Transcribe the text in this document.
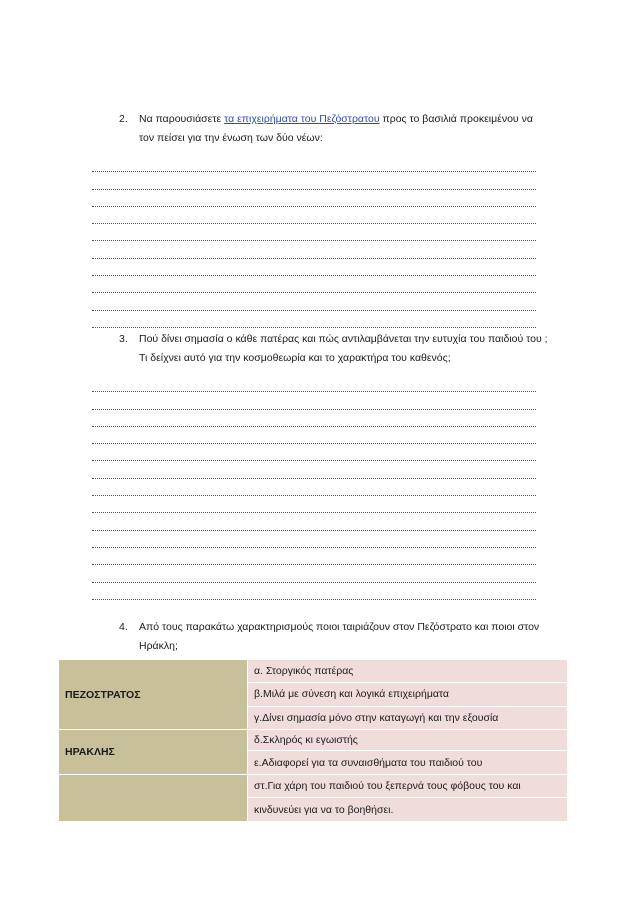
2. Να παρουσιάσετε τα επιχειρήματα του Πεζόστρατου προς το βασιλιά προκειμένου να τον πείσει για την ένωση των δύο νέων:
3. Πού δίνει σημασία ο κάθε πατέρας και πώς αντιλαμβάνεται την ευτυχία του παιδιού του ; Τι δείχνει αυτό για την κοσμοθεωρία και το χαρακτήρα του καθενός;
4. Από τους παρακάτω χαρακτηρισμούς ποιοι ταιριάζουν στον Πεζόστρατο και ποιοι στον Ηράκλη;
ΠΕΖΟΣΤΡΑΤΟΣ	α. Στοργικός πατέρας
	β.Μιλά με σύνεση και λογικά επιχειρήματα
	γ.Δίνει σημασία μόνο στην καταγωγή και την εξουσία
ΗΡΑΚΛΗΣ	δ.Σκληρός κι εγωιστής
	ε.Αδιαφορεί για τα συναισθήματα του παιδιού του
	στ.Για χάρη του παιδιού του ξεπερνά τους φόβους του και
	κινδυνεύει για να το βοηθήσει.
